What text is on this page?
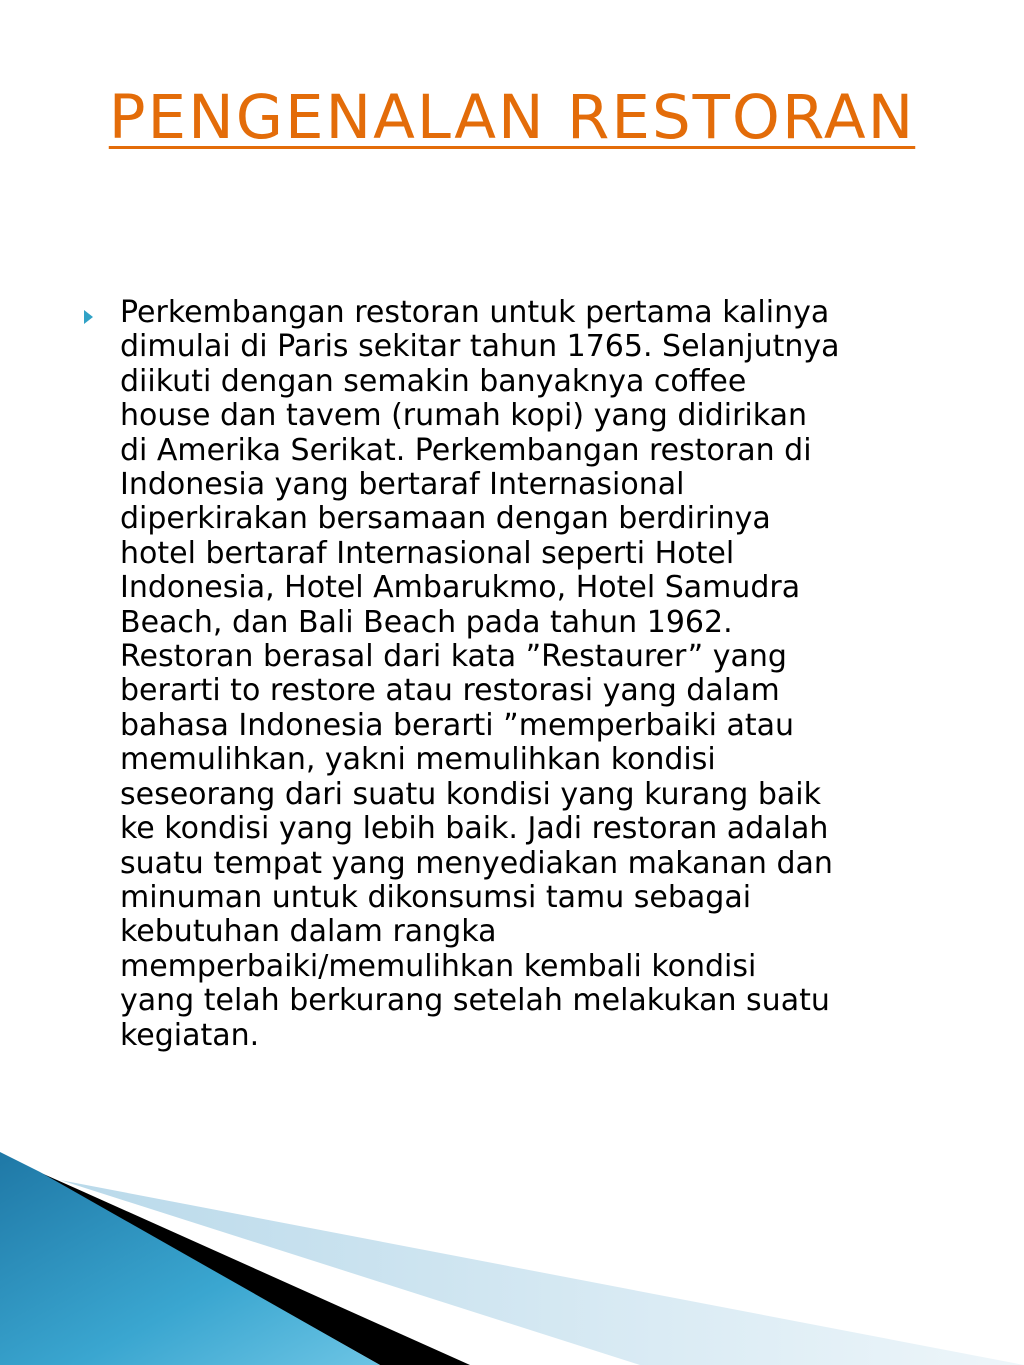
PENGENALAN RESTORAN

Perkembangan restoran untuk pertama kalinya
dimulai di Paris sekitar tahun 1765. Selanjutnya
diikuti dengan semakin banyaknya coffee
house dan tavem (rumah kopi) yang didirikan
di Amerika Serikat. Perkembangan restoran di
Indonesia yang bertaraf Internasional
diperkirakan bersamaan dengan berdirinya
hotel bertaraf Internasional seperti Hotel
Indonesia, Hotel Ambarukmo, Hotel Samudra
Beach, dan Bali Beach pada tahun 1962.
Restoran berasal dari kata ”Restaurer” yang
berarti to restore atau restorasi yang dalam
bahasa Indonesia berarti ”memperbaiki atau
memulihkan, yakni memulihkan kondisi
seseorang dari suatu kondisi yang kurang baik
ke kondisi yang lebih baik. Jadi restoran adalah
suatu tempat yang menyediakan makanan dan
minuman untuk dikonsumsi tamu sebagai
kebutuhan dalam rangka
memperbaiki/memulihkan kembali kondisi
yang telah berkurang setelah melakukan suatu
kegiatan.
